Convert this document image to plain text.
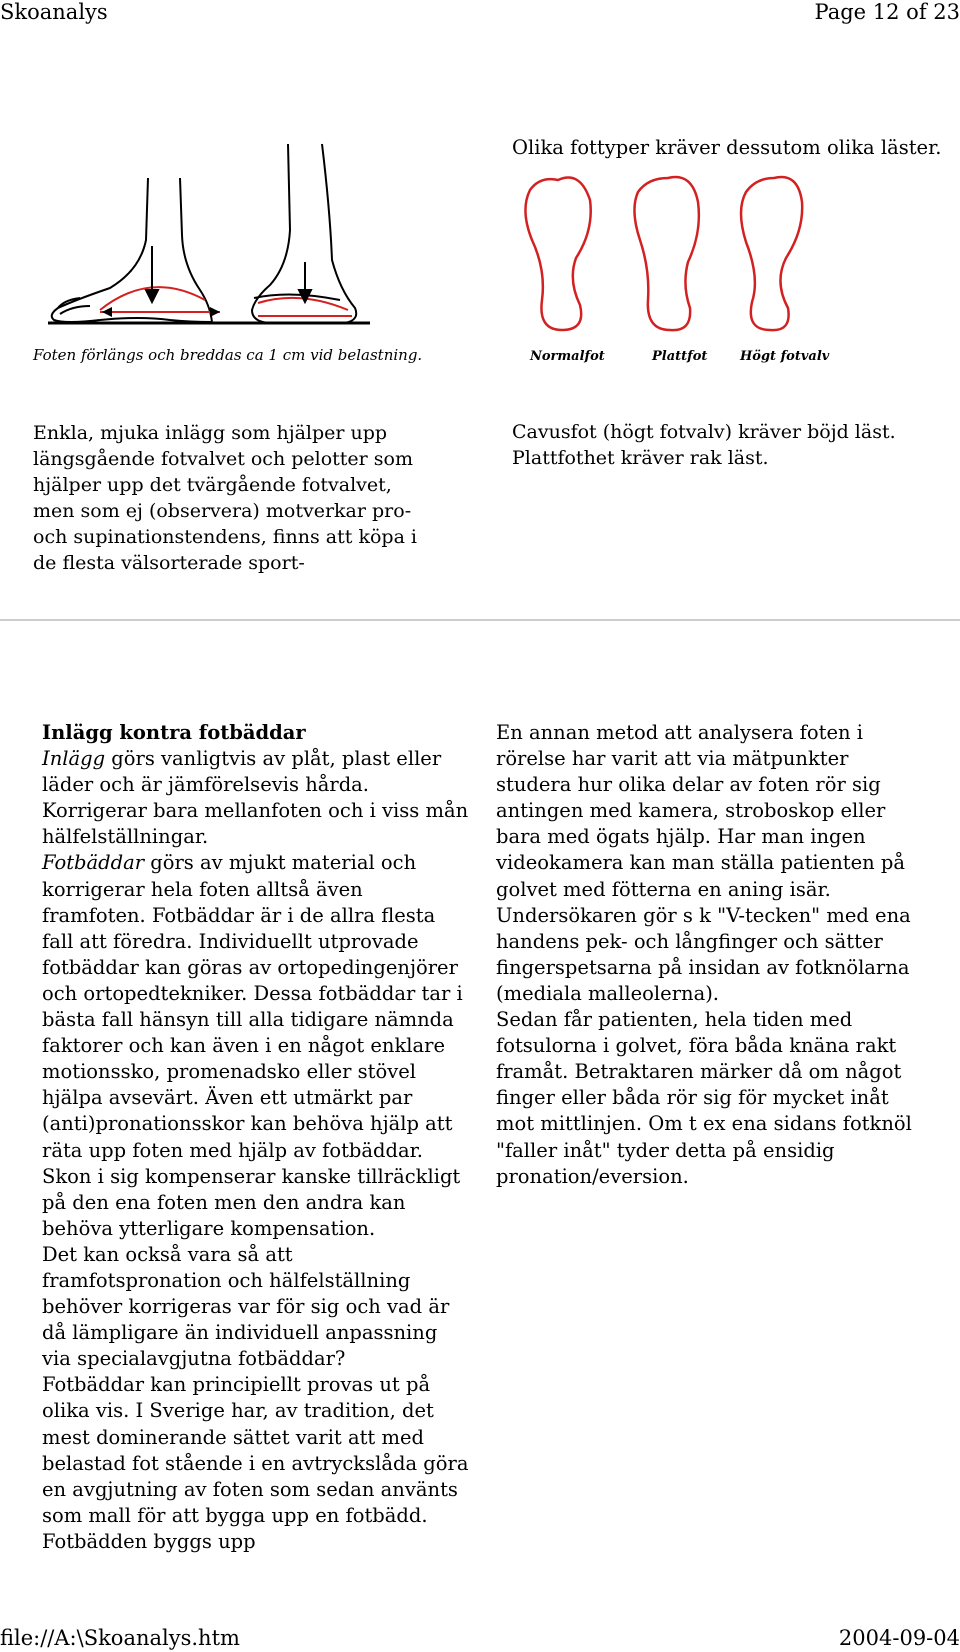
Skoanalys	Page 12 of 23
Olika fottyper kräver dessutom olika läster.
Normalfot	Plattfot	Högt fotvalv
Foten förlängs och breddas ca 1 cm vid belastning.
Enkla, mjuka inlägg som hjälper upp längsgående fotvalvet och pelotter som hjälper upp det tvärgående fotvalvet, men som ej (observera) motverkar pro- och supinationstendens, finns att köpa i de flesta välsorterade sport-
Cavusfot (högt fotvalv) kräver böjd läst.
Plattfothet kräver rak läst.

Inlägg kontra fotbäddar

Inlägg görs vanligtvis av plåt, plast eller läder och är jämförelsevis hårda. Korrigerar bara mellanfoten och i viss mån hälfelställningar.

Fotbäddar görs av mjukt material och korrigerar hela foten alltså även framfoten. Fotbäddar är i de allra flesta fall att föredra. Individuellt utprovade fotbäddar kan göras av ortopedingenjörer och ortopedtekniker. Dessa fotbäddar tar i bästa fall hänsyn till alla tidigare nämnda faktorer och kan även i en något enklare motionssko, promenadsko eller stövel hjälpa avsevärt. Även ett utmärkt par (anti)pronationsskor kan behöva hjälp att räta upp foten med hjälp av fotbäddar. Skon i sig kompenserar kanske tillräckligt på den ena foten men den andra kan behöva ytterligare kompensation.

Det kan också vara så att framfotspronation och hälfelställning behöver korrigeras var för sig och vad är då lämpligare än individuell anpassning via specialavgjutna fotbäddar?

Fotbäddar kan principiellt provas ut på olika vis. I Sverige har, av tradition, det mest dominerande sättet varit att med belastad fot stående i en avtryckslåda göra en avgjutning av foten som sedan använts som mall för att bygga upp en fotbädd. Fotbädden byggs upp

En annan metod att analysera foten i rörelse har varit att via mätpunkter studera hur olika delar av foten rör sig antingen med kamera, stroboskop eller bara med ögats hjälp. Har man ingen videokamera kan man ställa patienten på golvet med fötterna en aning isär. Undersökaren gör s k "V-tecken" med ena handens pek- och långfinger och sätter fingerspetsarna på insidan av fotknölarna (mediala malleolerna).

Sedan får patienten, hela tiden med fotsulorna i golvet, föra båda knäna rakt framåt. Betraktaren märker då om något finger eller båda rör sig för mycket inåt mot mittlinjen. Om t ex ena sidans fotknöl "faller inåt" tyder detta på ensidig pronation/eversion.

file://A:\Skoanalys.htm	2004-09-04
